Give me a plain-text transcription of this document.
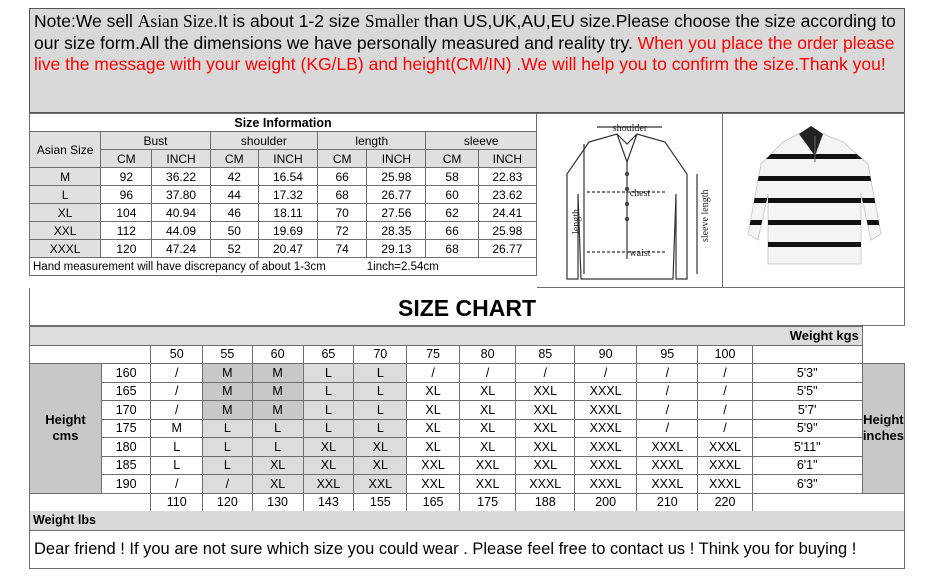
Note:We sell Asian Size.It is about 1-2 size Smaller than US,UK,AU,EU size.Please choose the size according to our size form.All the dimensions we have personally measured and reality try. When you place the order please live the message with your weight (KG/LB) and height(CM/IN) .We will help you to confirm the size.Thank you!
Size Information								
Asian Size	Bust		shoulder		length		sleeve	
	CM	INCH	CM	INCH	CM	INCH	CM	INCH
M	92	36.22	42	16.54	66	25.98	58	22.83
L	96	37.80	44	17.32	68	26.77	60	23.62
XL	104	40.94	46	18.11	70	27.56	62	24.41
XXL	112	44.09	50	19.69	72	28.35	66	25.98
XXXL	120	47.24	52	20.47	74	29.13	68	26.77
Hand measurement will have discrepancy of about 1-3cm						1inch=2.54cm		
shoulder
chest
waist
length	sleeve length
SIZE CHART
Weight kgs														
		50	55	60	65	70	75	80	85	90	95	100		
Height
cms	160	/	M	M	L	L	/	/	/	/	/	/	5'3"	Height
inches
	165	/	M	M	L	L	XL	XL	XXL	XXXL	/	/	5'5"	
	170	/	M	M	L	L	XL	XL	XXL	XXXL	/	/	5'7'	
	175	M	L	L	L	L	XL	XL	XXL	XXXL	/	/	5'9"	
	180	L	L	L	XL	XL	XL	XL	XXL	XXXL	XXXL	XXXL	5'11"	
	185	L	L	XL	XL	XL	XXL	XXL	XXL	XXXL	XXXL	XXXL	6'1"	
	190	/	/	XL	XXL	XXL	XXL	XXL	XXXL	XXXL	XXXL	XXXL	6'3"	
		110	120	130	143	155	165	175	188	200	210	220		
Weight lbs
Dear friend ! If you are not sure which size you could wear . Please feel free to contact us ! Think you for buying !
